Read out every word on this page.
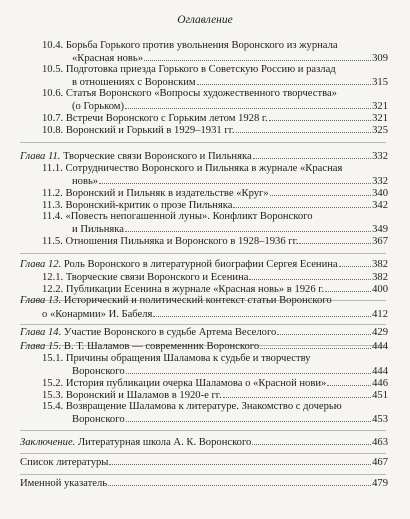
Оглавление
10.4. Борьба Горького против увольнения Воронского из журнала
«Красная новь»	309
10.5. Подготовка приезда Горького в Советскую Россию и разлад
в отношениях с Воронским	315
10.6. Статья Воронского «Вопросы художественного творчества»
(о Горьком)	321
10.7. Встречи Воронского с Горьким летом 1928 г.	321
10.8. Воронский и Горький в 1929–1931 гг.	325
Глава 11. Творческие связи Воронского и Пильняка	332
11.1. Сотрудничество Воронского и Пильняка в журнале «Красная
новь»	332
11.2. Воронский и Пильняк в издательстве «Круг»	340
11.3. Воронский-критик о прозе Пильняка	342
11.4. «Повесть непогашенной луны». Конфликт Воронского
и Пильняка	349
11.5. Отношения Пильняка и Воронского в 1928–1936 гг.	367
Глава 12. Роль Воронского в литературной биографии Сергея Есенина	382
12.1. Творческие связи Воронского и Есенина	382
12.2. Публикации Есенина в журнале «Красная новь» в 1926 г.	400
Глава 13. Исторический и политический контекст статьи Воронского
о «Конармии» И. Бабеля	412
Глава 14. Участие Воронского в судьбе Артема Веселого	429
Глава 15. В. Т. Шаламов — современник Воронского	444
15.1. Причины обращения Шаламова к судьбе и творчеству
Воронского	444
15.2. История публикации очерка Шаламова о «Красной нови»	446
15.3. Воронский и Шаламов в 1920-е гг.	451
15.4. Возвращение Шаламова к литературе. Знакомство с дочерью
Воронского	453
Заключение. Литературная школа А. К. Воронского	463
Список литературы	467
Именной указатель	479
